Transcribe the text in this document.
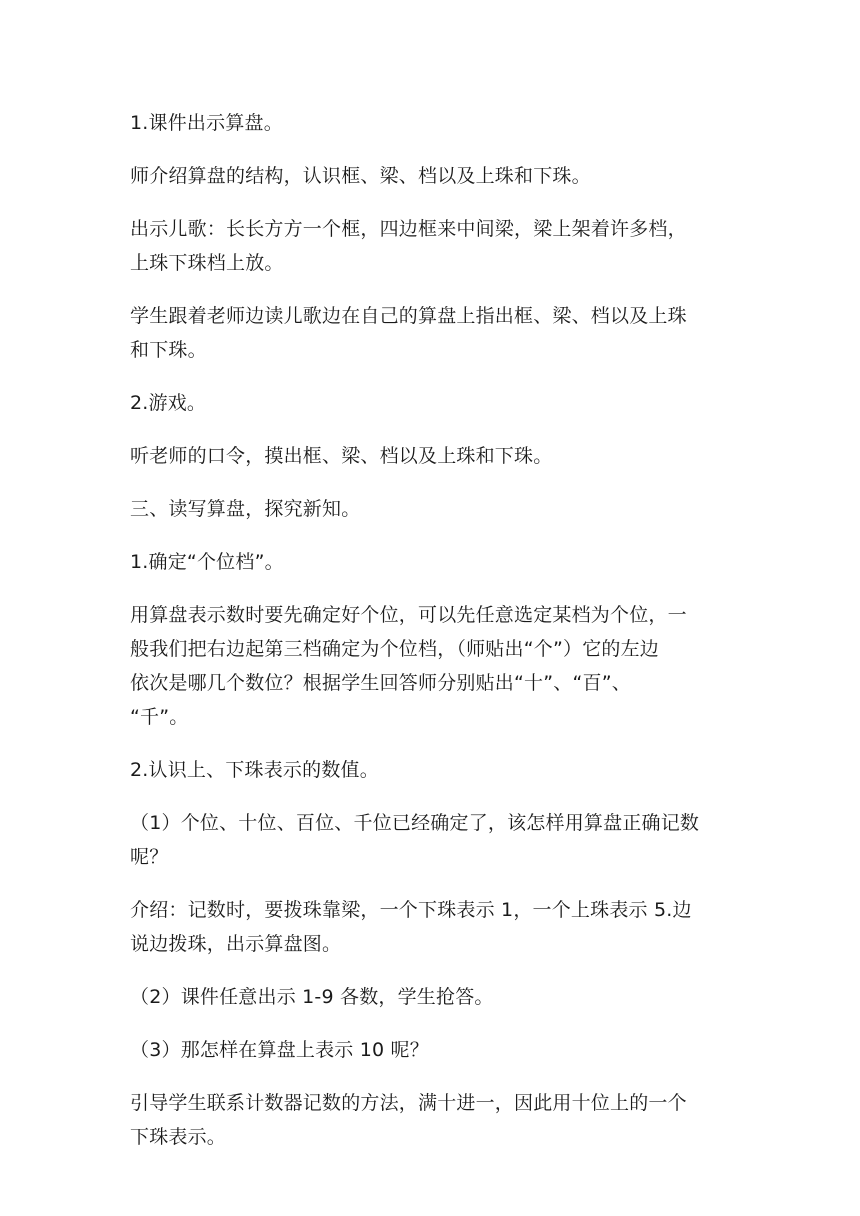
1.课件出示算盘。

师介绍算盘的结构，认识框、梁、档以及上珠和下珠。

出示儿歌：长长方方一个框，四边框来中间梁，梁上架着许多档，
上珠下珠档上放。

学生跟着老师边读儿歌边在自己的算盘上指出框、梁、档以及上珠
和下珠。

2.游戏。

听老师的口令，摸出框、梁、档以及上珠和下珠。

三、读写算盘，探究新知。

1.确定“个位档”。

用算盘表示数时要先确定好个位，可以先任意选定某档为个位，一
般我们把右边起第三档确定为个位档，（师贴出“个”）它的左边
依次是哪几个数位？根据学生回答师分别贴出“十”、“百”、
“千”。

2.认识上、下珠表示的数值。

（1）个位、十位、百位、千位已经确定了，该怎样用算盘正确记数
呢？

介绍：记数时，要拨珠靠梁，一个下珠表示 1，一个上珠表示 5.边
说边拨珠，出示算盘图。

（2）课件任意出示 1-9 各数，学生抢答。

（3）那怎样在算盘上表示 10 呢？

引导学生联系计数器记数的方法，满十进一，因此用十位上的一个
下珠表示。
